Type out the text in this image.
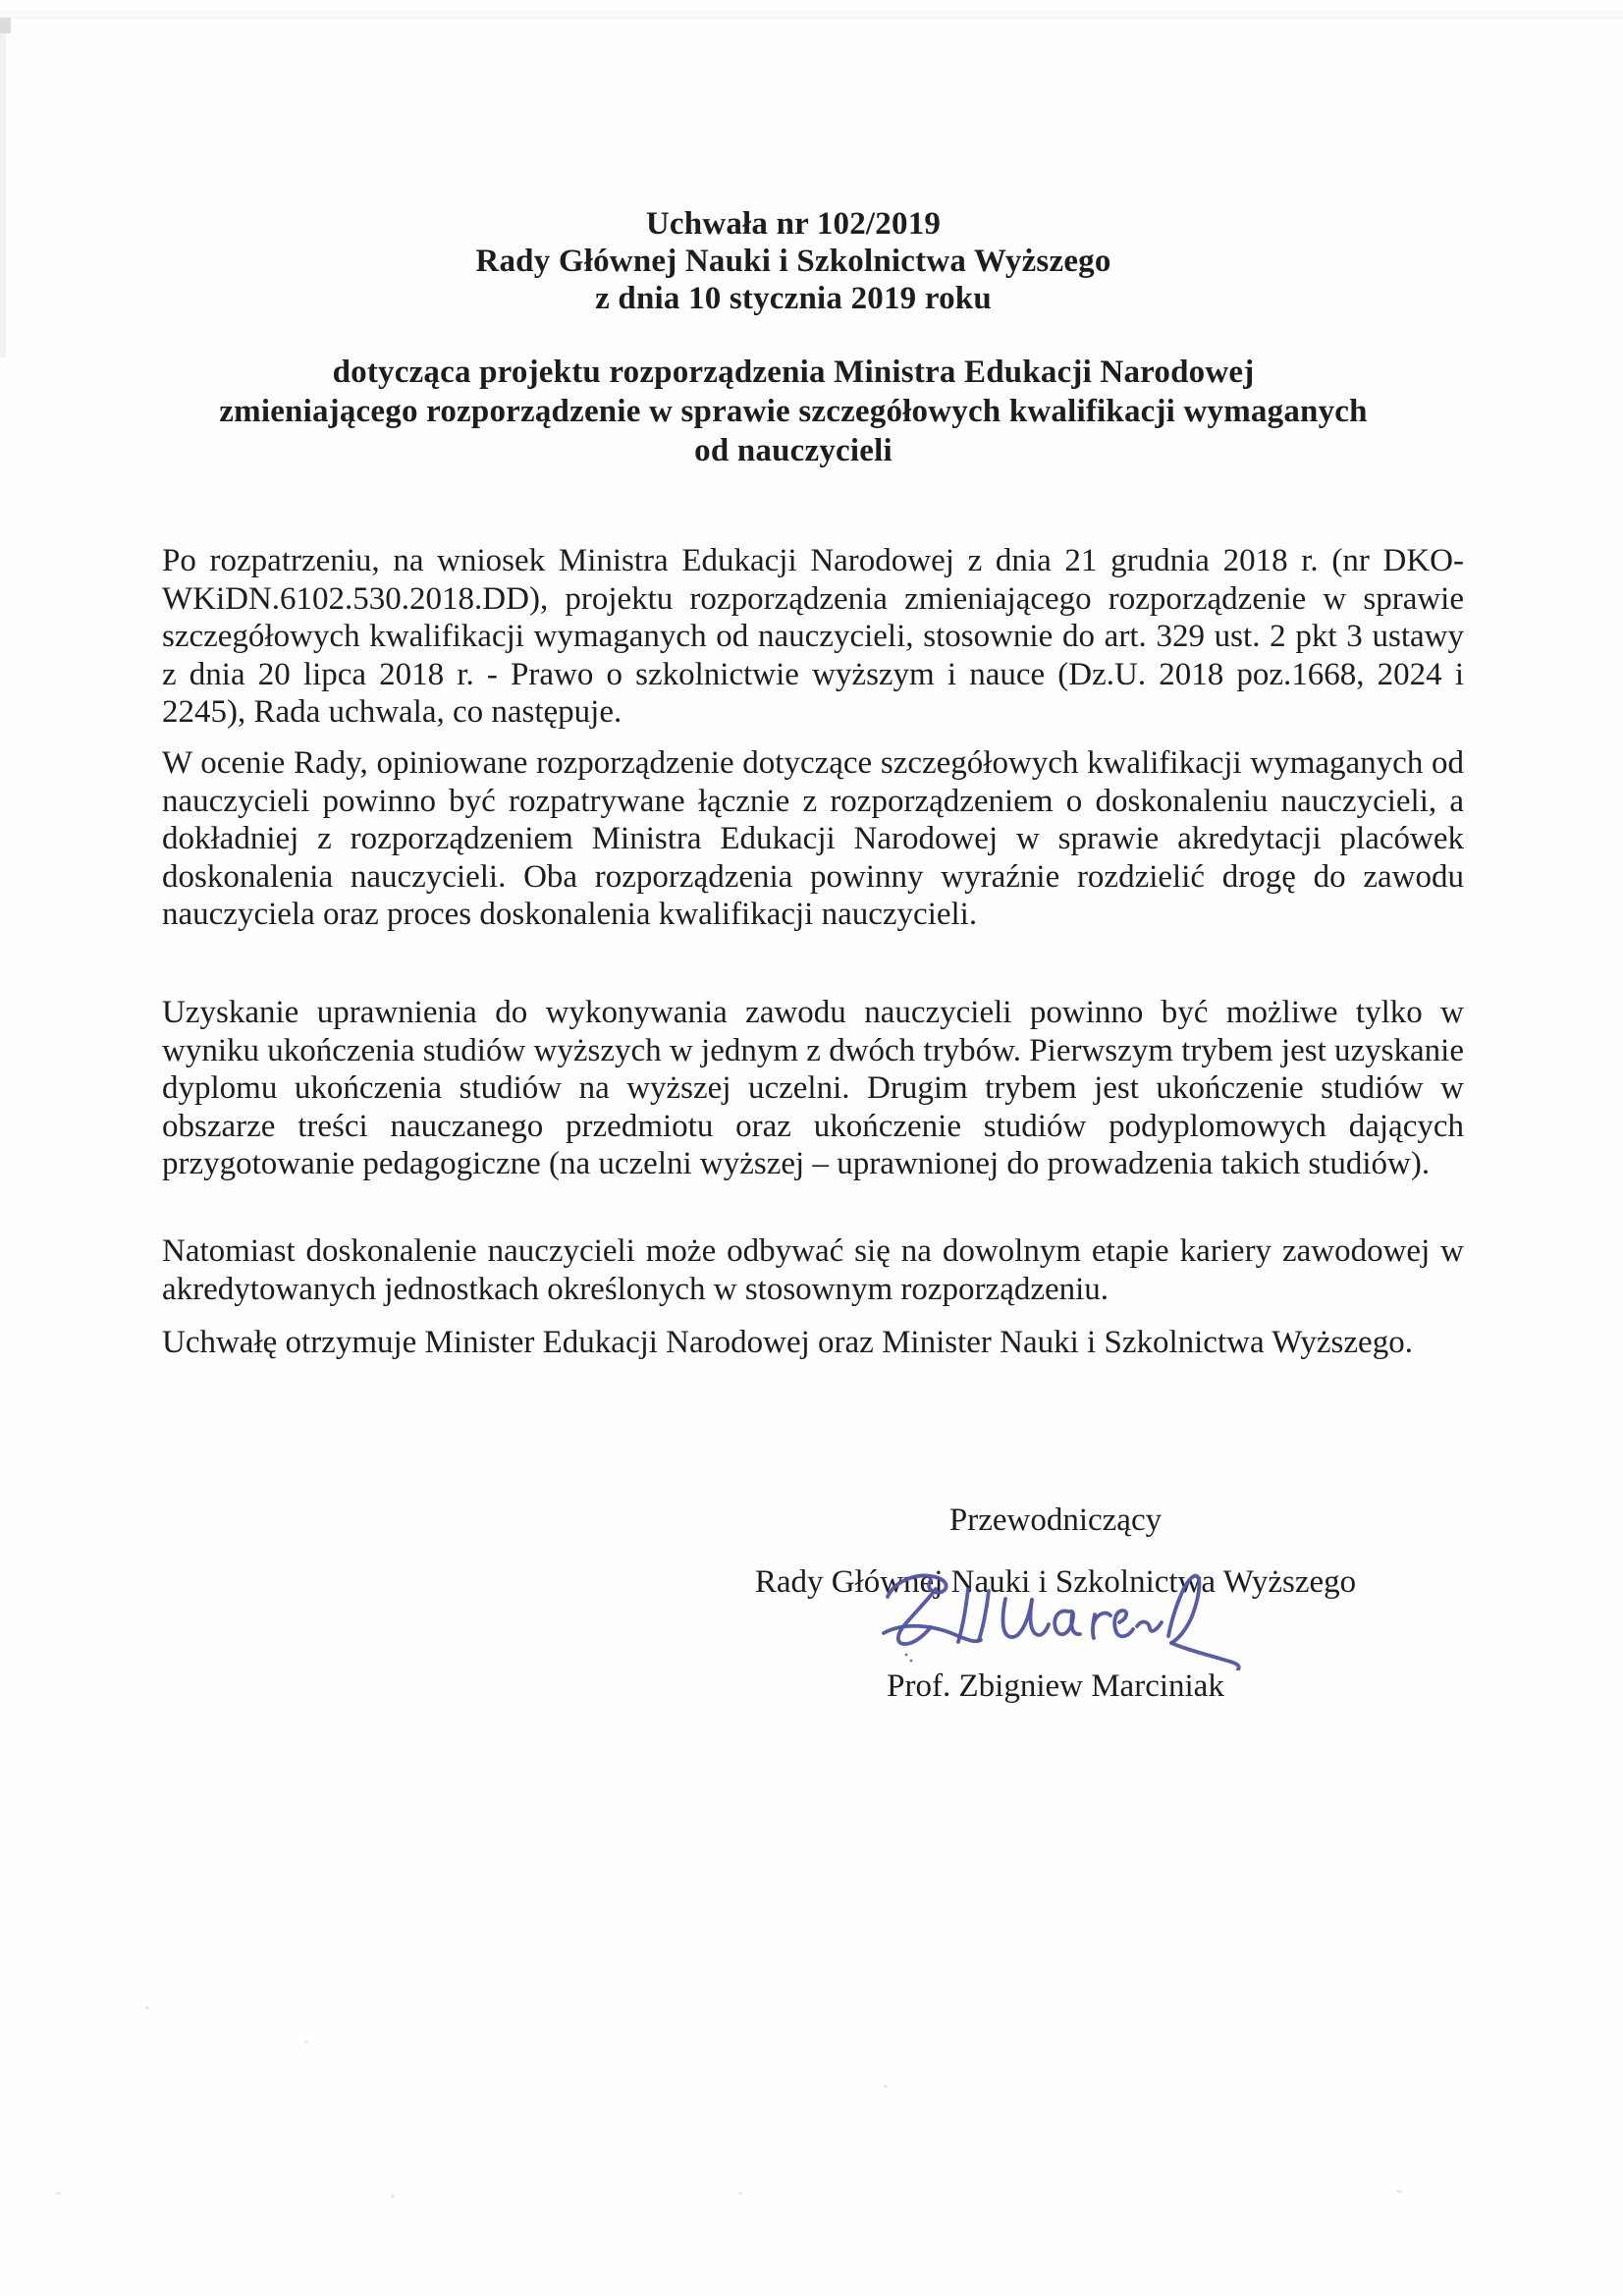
Uchwała nr 102/2019
Rady Głównej Nauki i Szkolnictwa Wyższego
z dnia 10 stycznia 2019 roku
dotycząca projektu rozporządzenia Ministra Edukacji Narodowej
zmieniającego rozporządzenie w sprawie szczegółowych kwalifikacji wymaganych
od nauczycieli

Po rozpatrzeniu, na wniosek Ministra Edukacji Narodowej z dnia 21 grudnia 2018 r. (nr DKO-WKiDN.6102.530.2018.DD), projektu rozporządzenia zmieniającego rozporządzenie w sprawie szczegółowych kwalifikacji wymaganych od nauczycieli, stosownie do art. 329 ust. 2 pkt 3 ustawy z dnia 20 lipca 2018 r. - Prawo o szkolnictwie wyższym i nauce (Dz.U. 2018 poz.1668, 2024 i 2245), Rada uchwala, co następuje.

W ocenie Rady, opiniowane rozporządzenie dotyczące szczegółowych kwalifikacji wymaganych od nauczycieli powinno być rozpatrywane łącznie z rozporządzeniem o doskonaleniu nauczycieli, a dokładniej z rozporządzeniem Ministra Edukacji Narodowej w sprawie akredytacji placówek doskonalenia nauczycieli. Oba rozporządzenia powinny wyraźnie rozdzielić drogę do zawodu nauczyciela oraz proces doskonalenia kwalifikacji nauczycieli.

Uzyskanie uprawnienia do wykonywania zawodu nauczycieli powinno być możliwe tylko w wyniku ukończenia studiów wyższych w jednym z dwóch trybów. Pierwszym trybem jest uzyskanie dyplomu ukończenia studiów na wyższej uczelni. Drugim trybem jest ukończenie studiów w obszarze treści nauczanego przedmiotu oraz ukończenie studiów podyplomowych dających przygotowanie pedagogiczne (na uczelni wyższej – uprawnionej do prowadzenia takich studiów).

Natomiast doskonalenie nauczycieli może odbywać się na dowolnym etapie kariery zawodowej w akredytowanych jednostkach określonych w stosownym rozporządzeniu.

Uchwałę otrzymuje Minister Edukacji Narodowej oraz Minister Nauki i Szkolnictwa Wyższego.

Przewodniczący
Rady Głównej Nauki i Szkolnictwa Wyższego
Prof. Zbigniew Marciniak
